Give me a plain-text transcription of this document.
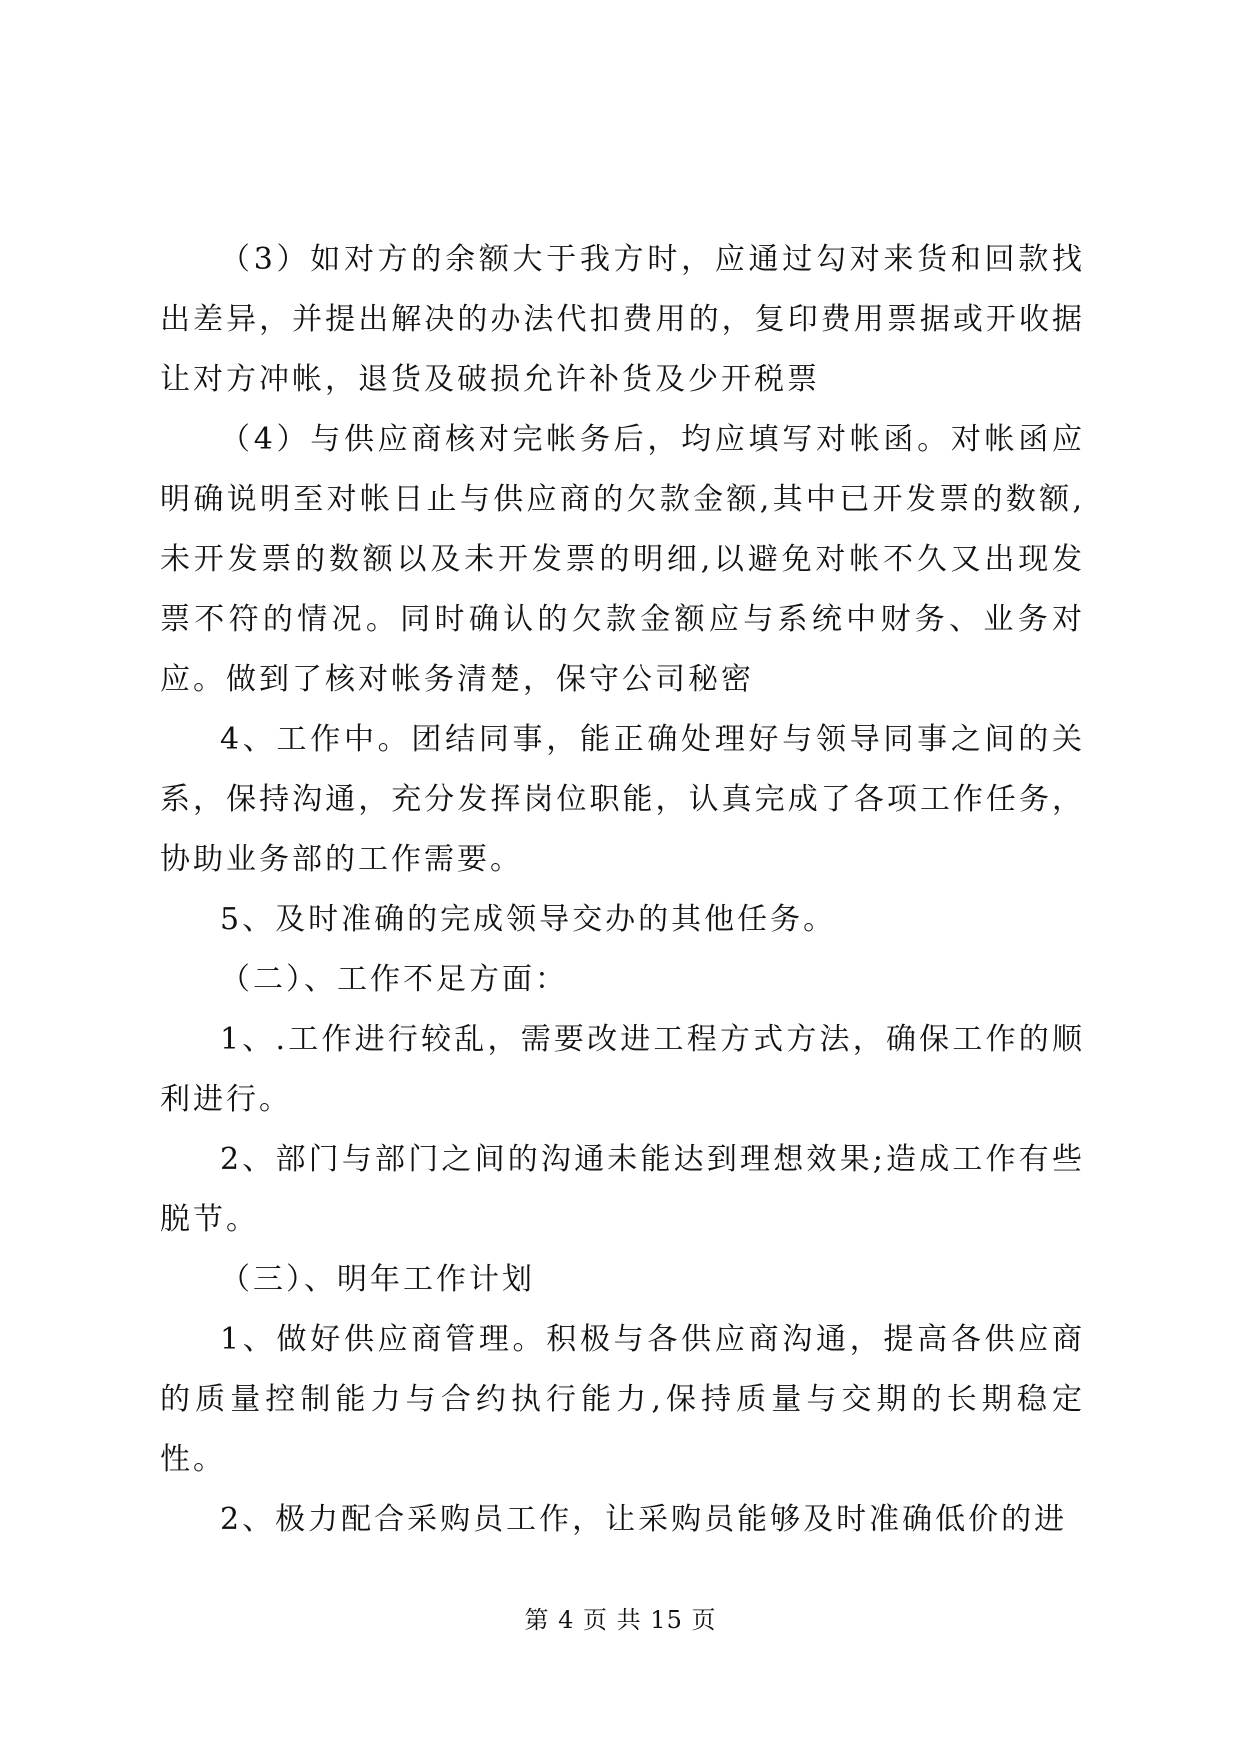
（3）如对方的余额大于我方时，应通过勾对来货和回款找出差异，并提出解决的办法代扣费用的，复印费用票据或开收据让对方冲帐，退货及破损允许补货及少开税票

（4）与供应商核对完帐务后，均应填写对帐函。对帐函应明确说明至对帐日止与供应商的欠款金额,其中已开发票的数额,未开发票的数额以及未开发票的明细,以避免对帐不久又出现发票不符的情况。同时确认的欠款金额应与系统中财务、业务对应。做到了核对帐务清楚，保守公司秘密

4、工作中。团结同事，能正确处理好与领导同事之间的关系，保持沟通，充分发挥岗位职能，认真完成了各项工作任务，协助业务部的工作需要。

5、及时准确的完成领导交办的其他任务。

（二）、工作不足方面：

1、.工作进行较乱，需要改进工程方式方法，确保工作的顺利进行。

2、部门与部门之间的沟通未能达到理想效果;造成工作有些脱节。

（三）、明年工作计划

1、做好供应商管理。积极与各供应商沟通，提高各供应商的质量控制能力与合约执行能力,保持质量与交期的长期稳定性。

2、极力配合采购员工作，让采购员能够及时准确低价的进

第 4 页 共 15 页
